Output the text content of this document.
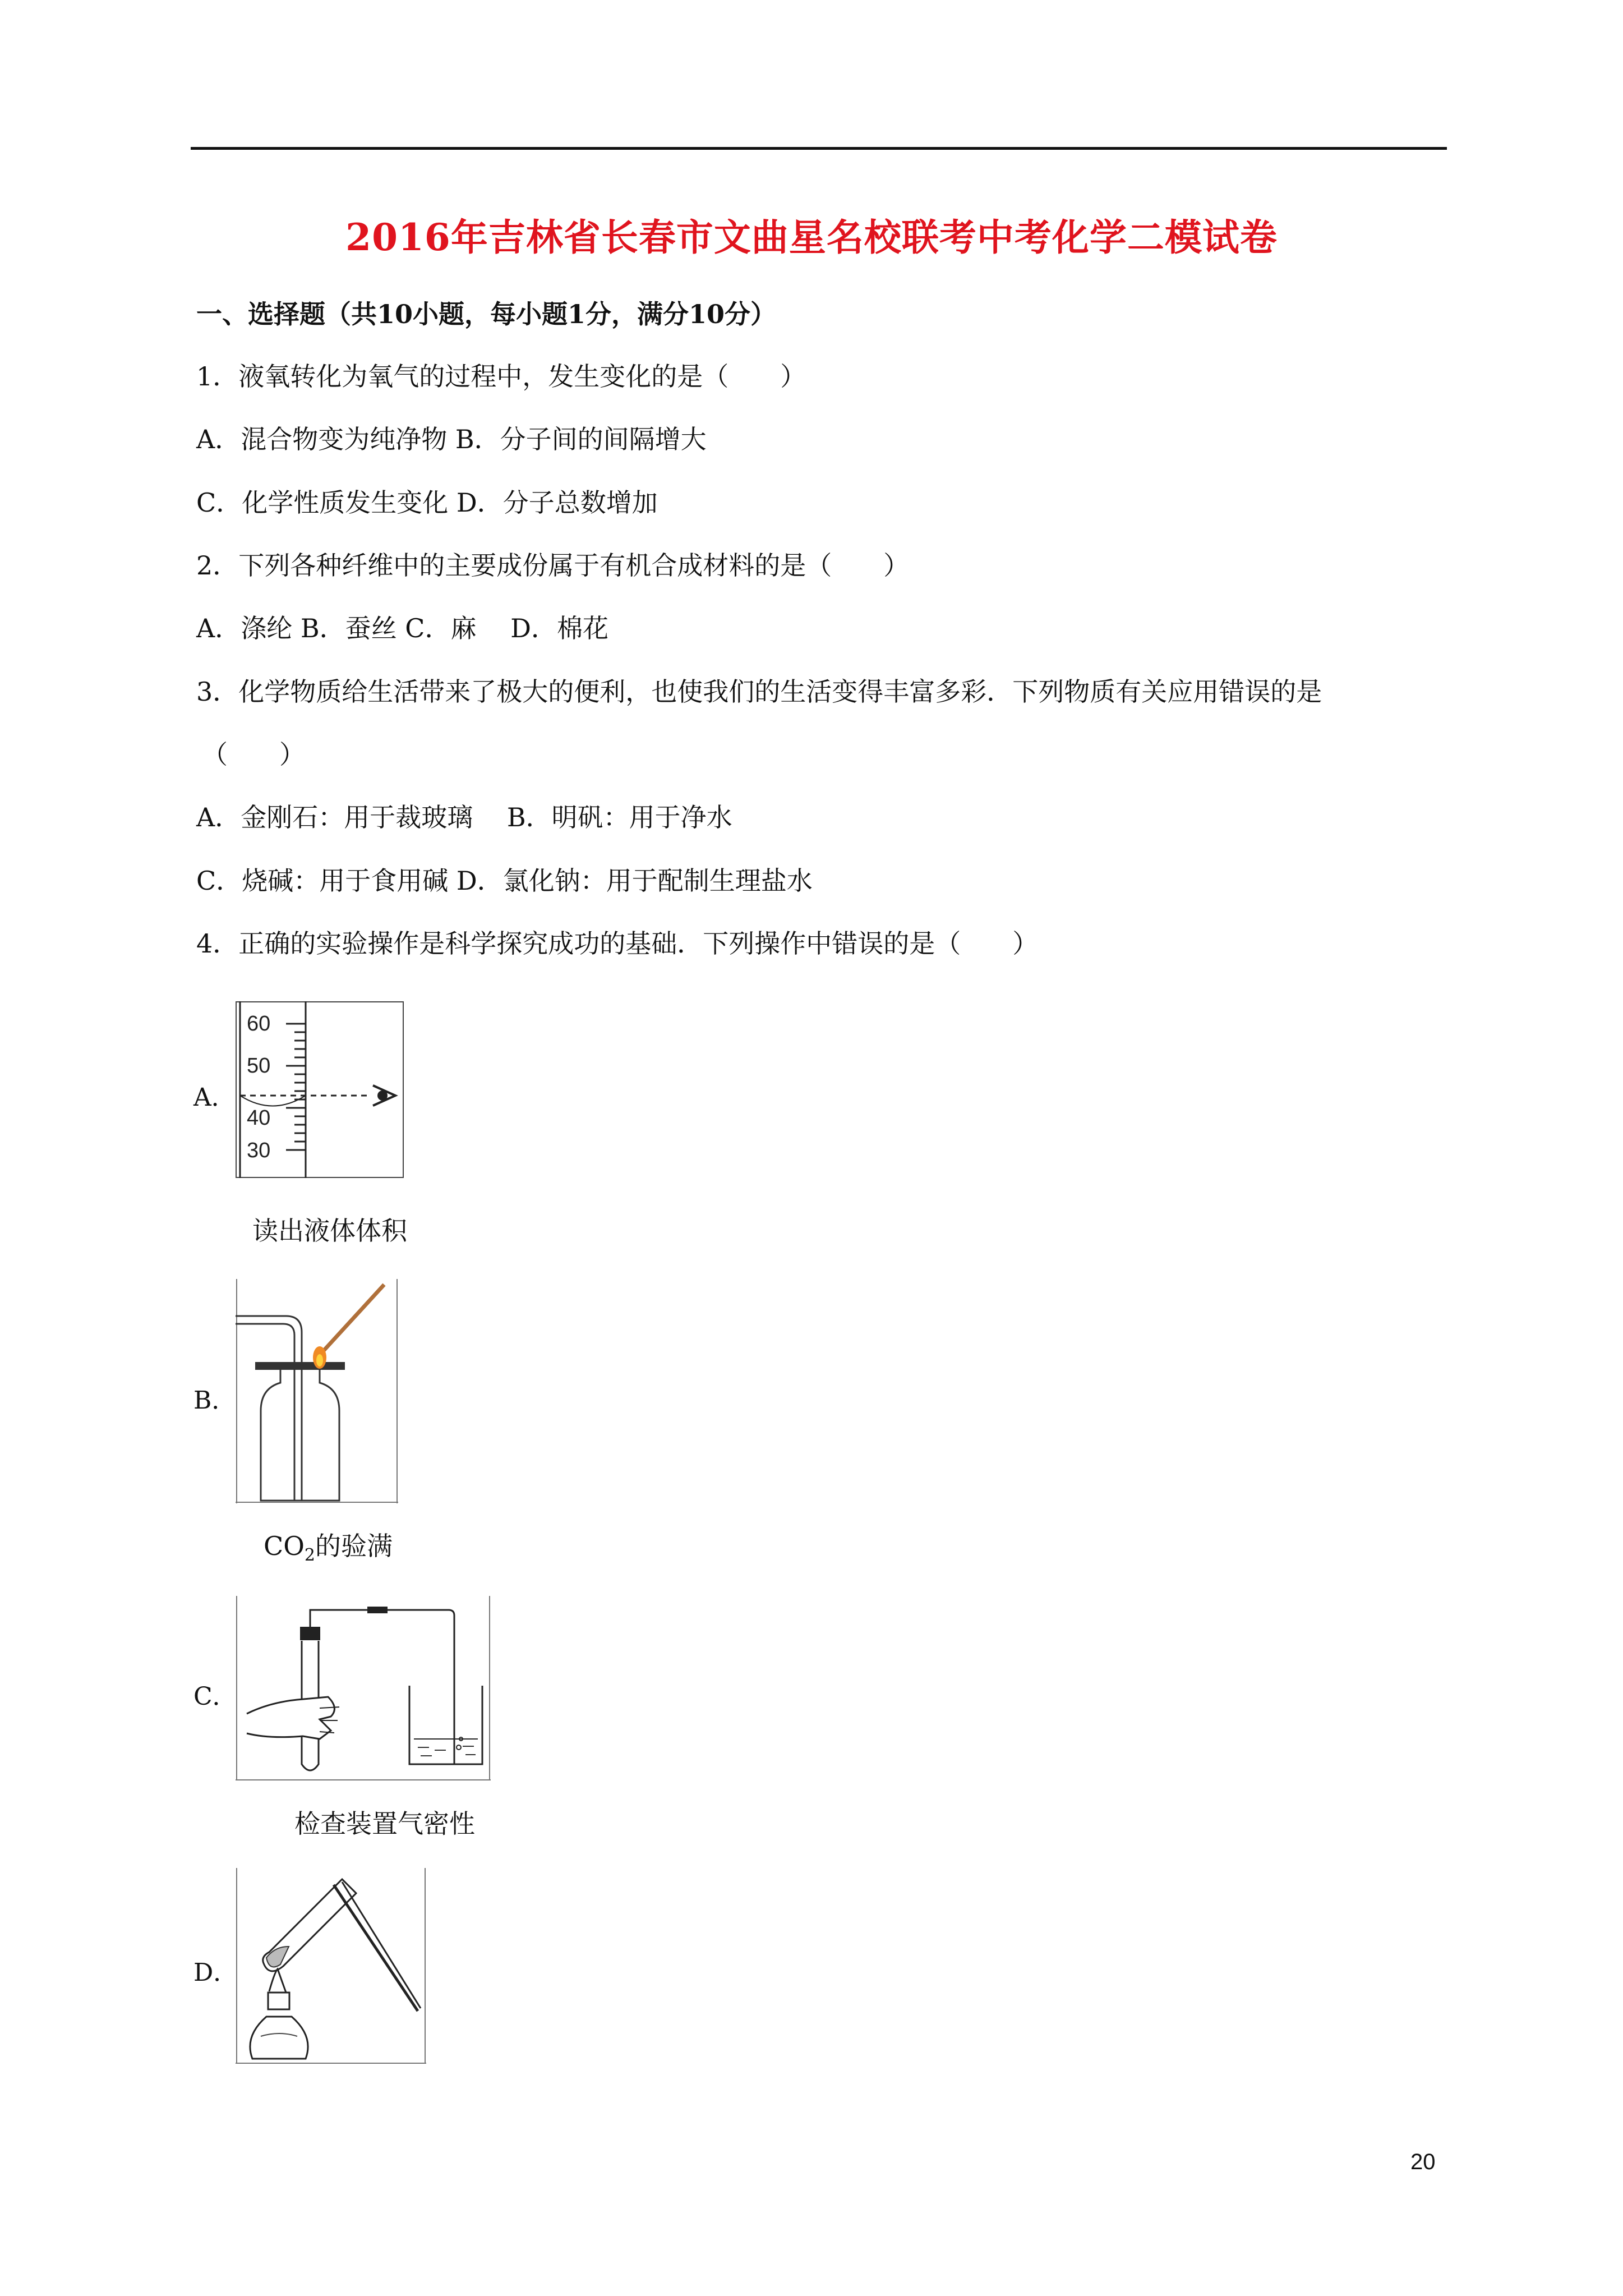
2016年吉林省长春市文曲星名校联考中考化学二模试卷
一、选择题（共10小题，每小题1分，满分10分）
1．液氧转化为氧气的过程中，发生变化的是（　　）
A．混合物变为纯净物 B．分子间的间隔增大
C．化学性质发生变化 D．分子总数增加
2．下列各种纤维中的主要成份属于有机合成材料的是（　　）
A．涤纶 B．蚕丝 C．麻　 D．棉花
3．化学物质给生活带来了极大的便利，也使我们的生活变得丰富多彩．下列物质有关应用错误的是
（　　）
A．金刚石：用于裁玻璃　 B．明矾：用于净水
C．烧碱：用于食用碱 D．氯化钠：用于配制生理盐水
4．正确的实验操作是科学探究成功的基础．下列操作中错误的是（　　）
A．
60
50
40
30
读出液体体积
B．
$CO_2$的验满
C．
检查装置气密性
D．
20
